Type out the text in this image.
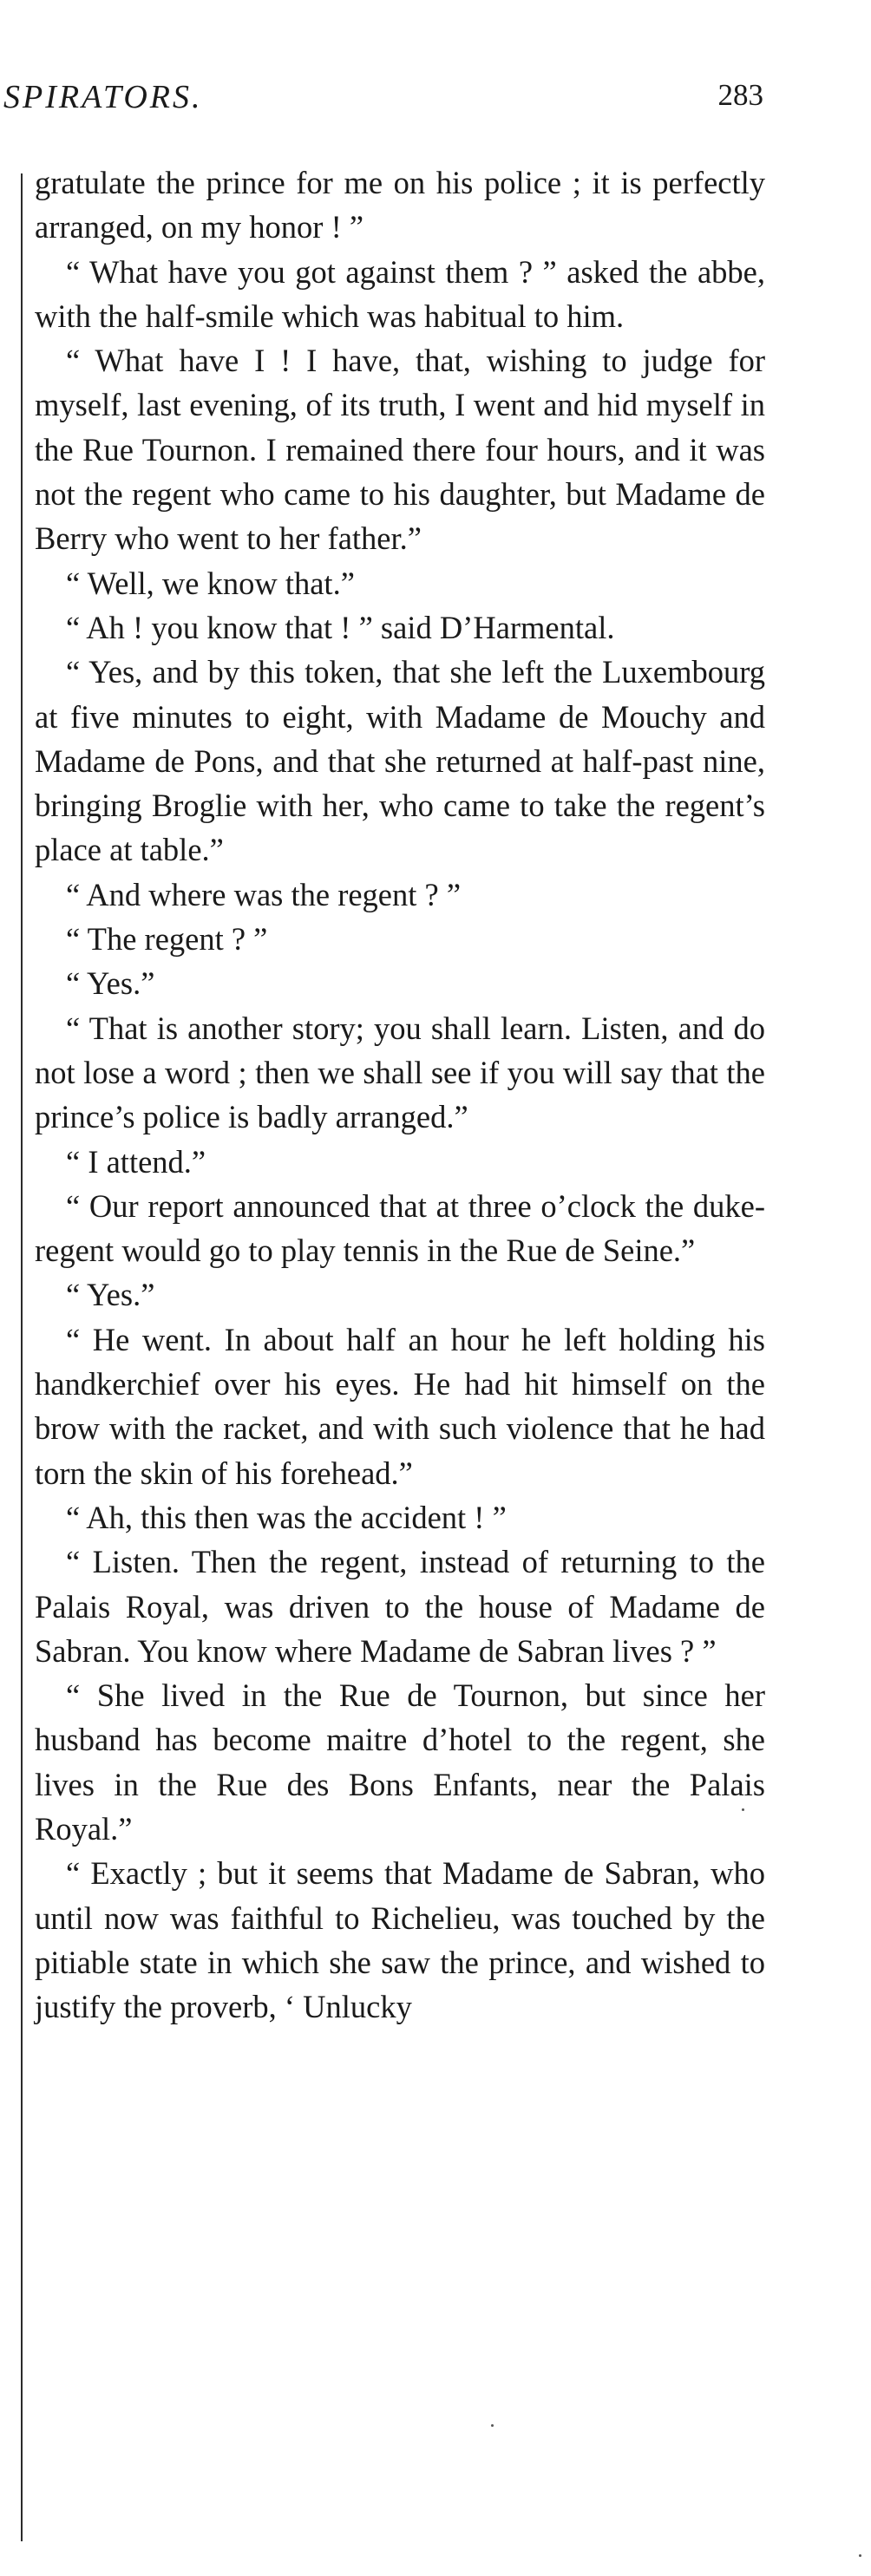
SPIRATORS.	283

gratulate the prince for me on his police ; it is perfectly arranged, on my honor ! ”

“ What have you got against them ? ” asked the abbe, with the half-smile which was habitual to him.

“ What have I ! I have, that, wishing to judge for myself, last evening, of its truth, I went and hid myself in the Rue Tournon. I remained there four hours, and it was not the regent who came to his daughter, but Madame de Berry who went to her father.”

“ Well, we know that.”

“ Ah ! you know that ! ” said D’Harmental.

“ Yes, and by this token, that she left the Luxembourg at five minutes to eight, with Madame de Mouchy and Madame de Pons, and that she returned at half-past nine, bringing Broglie with her, who came to take the regent’s place at table.”

“ And where was the regent ? ”

“ The regent ? ”

“ Yes.”

“ That is another story; you shall learn. Listen, and do not lose a word ; then we shall see if you will say that the prince’s police is badly arranged.”

“ I attend.”

“ Our report announced that at three o’clock the duke-regent would go to play tennis in the Rue de Seine.”

“ Yes.”

“ He went. In about half an hour he left holding his handkerchief over his eyes. He had hit himself on the brow with the racket, and with such violence that he had torn the skin of his forehead.”

“ Ah, this then was the accident ! ”

“ Listen. Then the regent, instead of returning to the Palais Royal, was driven to the house of Madame de Sabran. You know where Madame de Sabran lives ? ”

“ She lived in the Rue de Tournon, but since her husband has become maitre d’hotel to the regent, she lives in the Rue des Bons Enfants, near the Palais Royal.”

“ Exactly ; but it seems that Madame de Sabran, who until now was faithful to Richelieu, was touched by the pitiable state in which she saw the prince, and wished to justify the proverb, ‘ Unlucky
